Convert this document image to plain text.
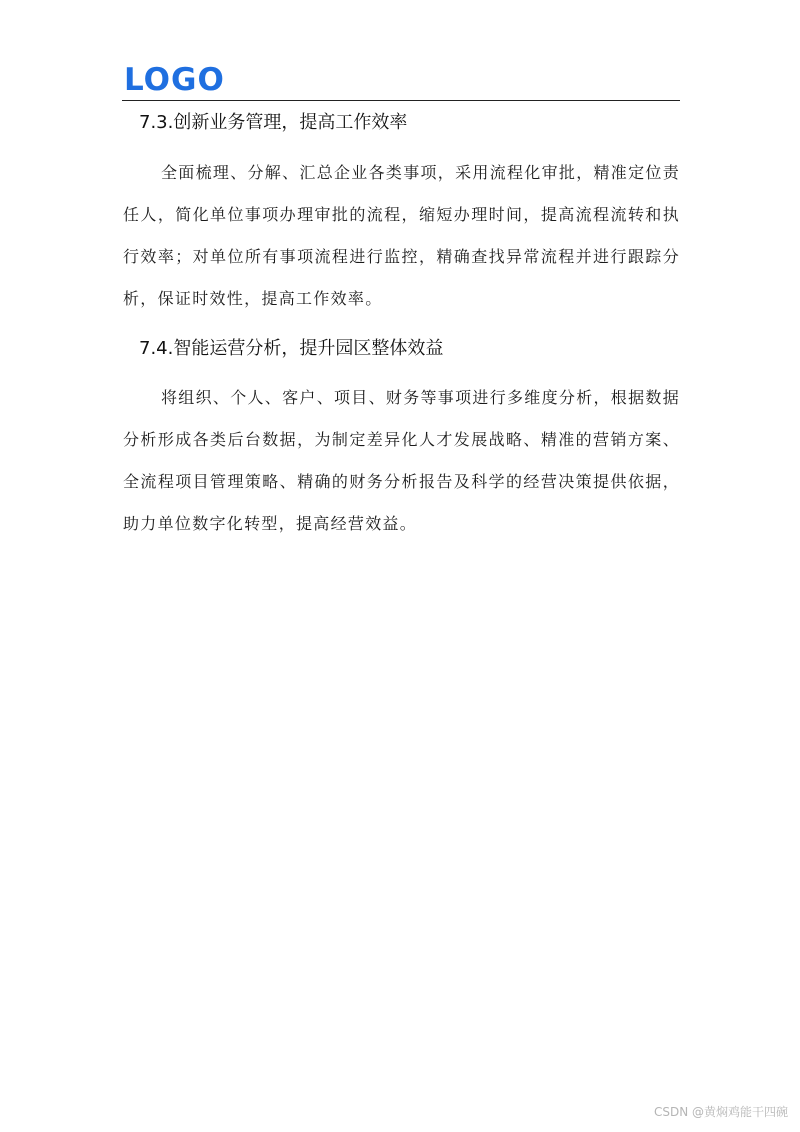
LOGO
7.3.创新业务管理，提高工作效率

全面梳理、分解、汇总企业各类事项，采用流程化审批，精准定位责任人，简化单位事项办理审批的流程，缩短办理时间，提高流程流转和执行效率；对单位所有事项流程进行监控，精确查找异常流程并进行跟踪分析，保证时效性，提高工作效率。

7.4.智能运营分析，提升园区整体效益

将组织、个人、客户、项目、财务等事项进行多维度分析，根据数据分析形成各类后台数据，为制定差异化人才发展战略、精准的营销方案、全流程项目管理策略、精确的财务分析报告及科学的经营决策提供依据，助力单位数字化转型，提高经营效益。

CSDN @黄焖鸡能干四碗
